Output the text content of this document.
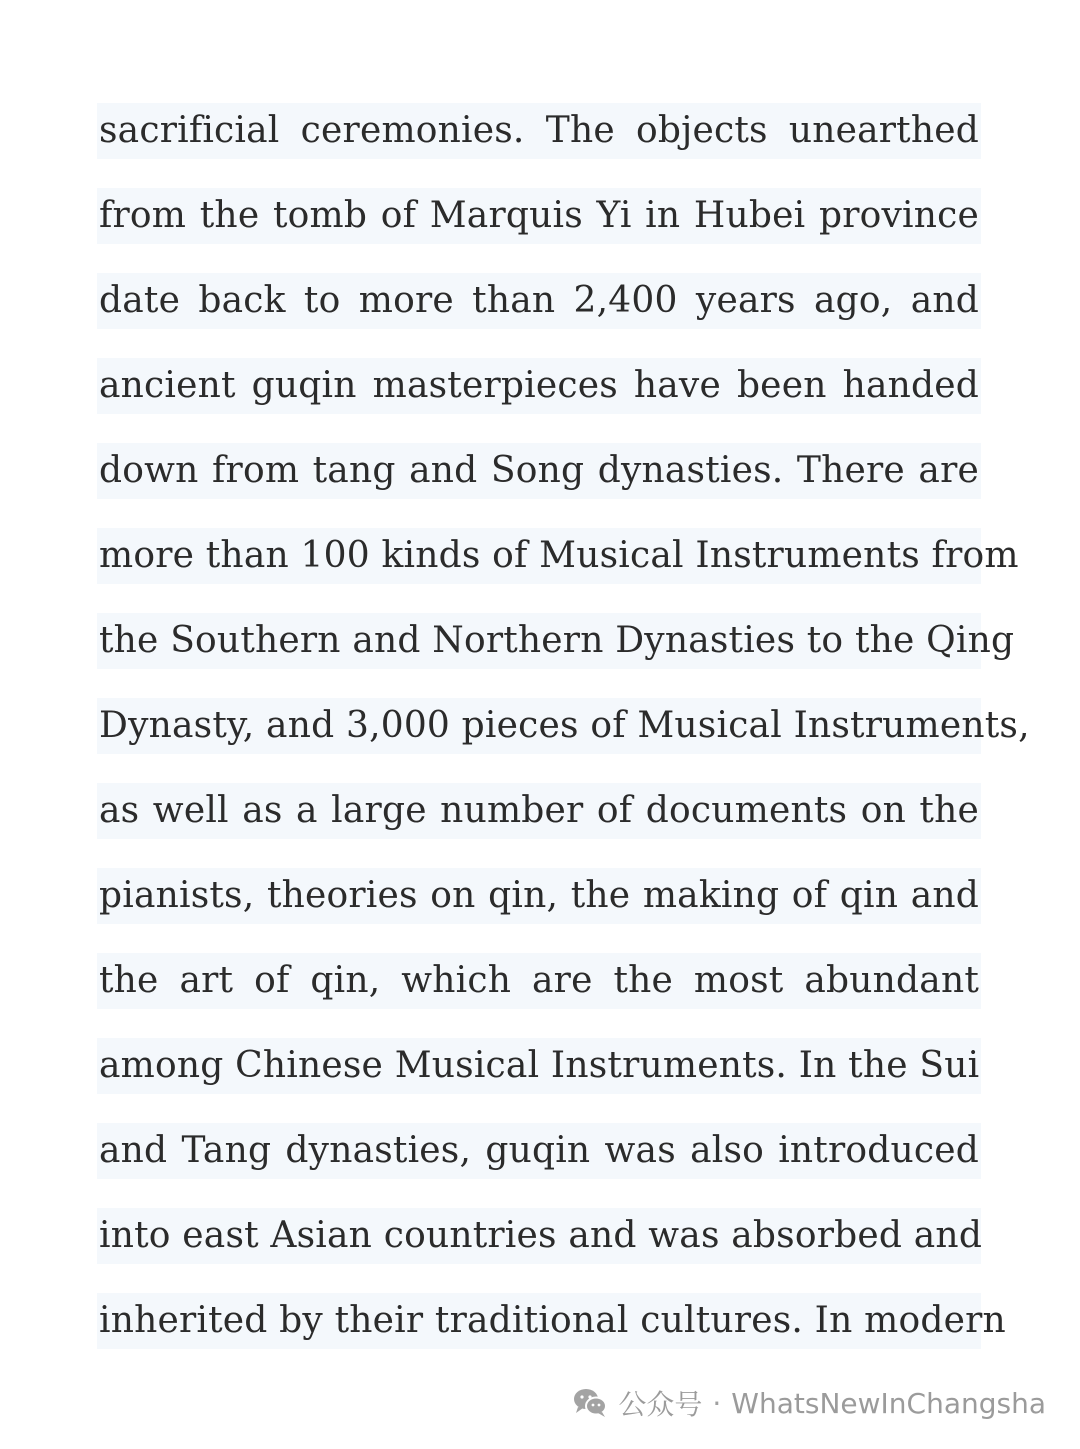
sacrificial ceremonies. The objects unearthed
from the tomb of Marquis Yi in Hubei province
date back to more than 2,400 years ago, and
ancient guqin masterpieces have been handed
down from tang and Song dynasties. There are
more than 100 kinds of Musical Instruments from
the Southern and Northern Dynasties to the Qing
Dynasty, and 3,000 pieces of Musical Instruments,
as well as a large number of documents on the
pianists, theories on qin, the making of qin and
the art of qin, which are the most abundant
among Chinese Musical Instruments. In the Sui
and Tang dynasties, guqin was also introduced
into east Asian countries and was absorbed and
inherited by their traditional cultures. In modern
公众号 · WhatsNewInChangsha
